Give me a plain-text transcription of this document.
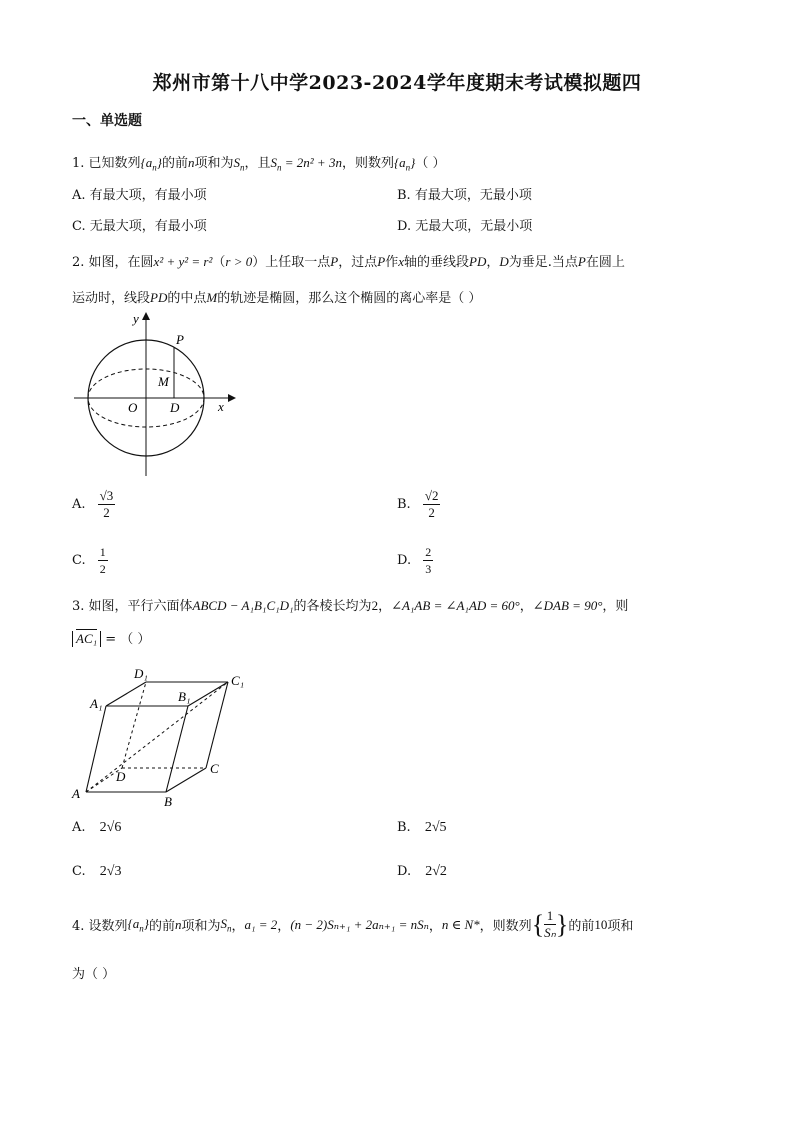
郑州市第十八中学2023-2024学年度期末考试模拟题四
一、单选题
1. 已知数列$\{a_n\}$的前n项和为$S_n$，且$S_n = 2n^2 + 3n$，则数列$\{a_n\}$（ ）
A. 有最大项，有最小项	B. 有最大项，无最小项
C. 无最大项，有最小项	D. 无最大项，无最小项
2. 如图，在圆x² + y² = r²（r > 0）上任取一点P，过点P作x轴的垂线段PD，D为垂足.当点P在圆上
运动时，线段PD的中点M的轨迹是椭圆，那么这个椭圆的离心率是（ ）
O	D
M
P
x
y
A. $\frac{√3}{2}$	B. $\frac{√2}{2}$
C. $\frac{1}{2}$	D. $\frac{2}{3}$
3. 如图，平行六面体ABCD − A₁B₁C₁D₁的各棱长均为2，∠A₁AB = ∠A₁AD = 60°，∠DAB = 90°，则
AC₁ = （ ）
D₁	C₁
A₁	B₁
D
C
A
B
A. 2√6	B. 2√5
C. 2√3	D. 2√2
4. 设数列 $\{a_n\}$ 的前 n 项和为 $S_n$ ， a₁ = 2 ， (n − 2)Sₙ₊₁ + 2aₙ₊₁ = nSₙ ， n ∈ N* ，则数列 { $\frac{1}{\text{Sₙ}}$ } 的前 10 项和
为（ ）
